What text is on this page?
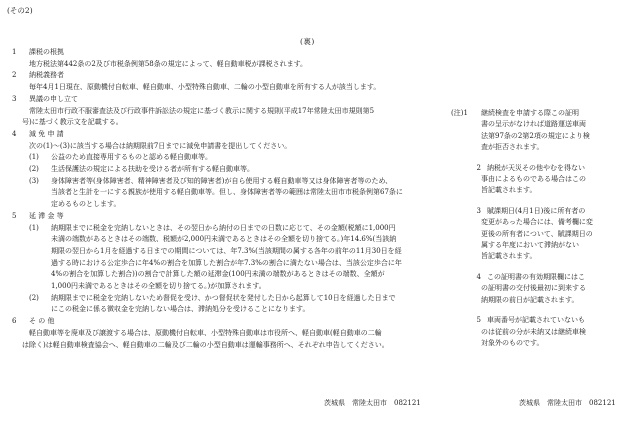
(その2)
(裏)
1 課税の根拠
地方税法第442条の2及び市税条例第58条の規定によって、軽自動車税が課税されます。
2 納税義務者
毎年4月1日現在、原動機付自転車、軽自動車、小型特殊自動車、二輪の小型自動車を所有する人が該当します。
3 異議の申し立て
常陸太田市行政不服審査法及び行政事件訴訟法の規定に基づく教示に関する規則(平成17年常陸太田市規則第5
号)に基づく教示文を記載する。
4 減 免 申 請
次の(1)〜(3)に該当する場合は納期限前7日までに減免申請書を提出してください。
(1) 公益のため直接専用するものと認める軽自動車等。
(2) 生活保護法の規定による扶助を受ける者が所有する軽自動車等。
(3) 身体障害者等(身体障害者、精神障害者及び知的障害者)が自ら使用する軽自動車等又は身体障害者等のため、
当該者と生計を一にする親族が使用する軽自動車等。但し、身体障害者等の範囲は常陸太田市市税条例第67条に
定めるものとします。
5 延 滞 金 等
(1) 納期限までに税金を完納しないときは、その翌日から納付の日までの日数に応じて、その金額(税額に1,000円
未満の端数があるときはその端数、税額が2,000円未満であるときはその全額を切り捨てる。)年14.6%(当該納
期限の翌日から1月を経過する日までの期間については、年7.3%(当該期間の属する各年の前年の11月30日を経
過する時における公定歩合に年4%の割合を加算した割合が年7.3%の割合に満たない場合は、当該公定歩合に年
4%の割合を加算した割合))の割合で計算した額の延滞金(100円未満の端数があるときはその端数、全額が
1,000円未満であるときはその全額を切り捨てる。)が加算されます。
(2) 納期限までに税金を完納しないため督促を受け、かつ督促状を発付した日から起算して10日を経過した日まで
にこの税金に係る徴収金を完納しない場合は、滞納処分を受けることになります。
6 そ の 他
軽自動車等を廃車及び譲渡する場合は、原動機付自転車、小型特殊自動車は市役所へ、軽自動車(軽自動車の二輪
は除く)は軽自動車検査協会へ、軽自動車の二輪及び二輪の小型自動車は運輸事務所へ、それぞれ申告してください。
(注)1 継続検査を申請する際この証明
書の呈示がなければ道路運送車両
法第97条の2第2項の規定により検
査が拒否されます。
2 納税が天災その他やむを得ない
事由によるものである場合はこの
旨記載されます。
3 賦課期日(4月1日)後に所有者の
変更があった場合には、備考欄に変
更後の所有者について、賦課期日の
属する年度において滞納がない
旨記載されます。
4 この証明書の有効期限欄にはこ
の証明書の交付後最初に到来する
納期限の前日が記載されます。
5 車両番号が記載されていないも
のは従前の分が未納又は継続車検
対象外のものです。
茨城県　常陸太田市　082121	茨城県　常陸太田市　082121
